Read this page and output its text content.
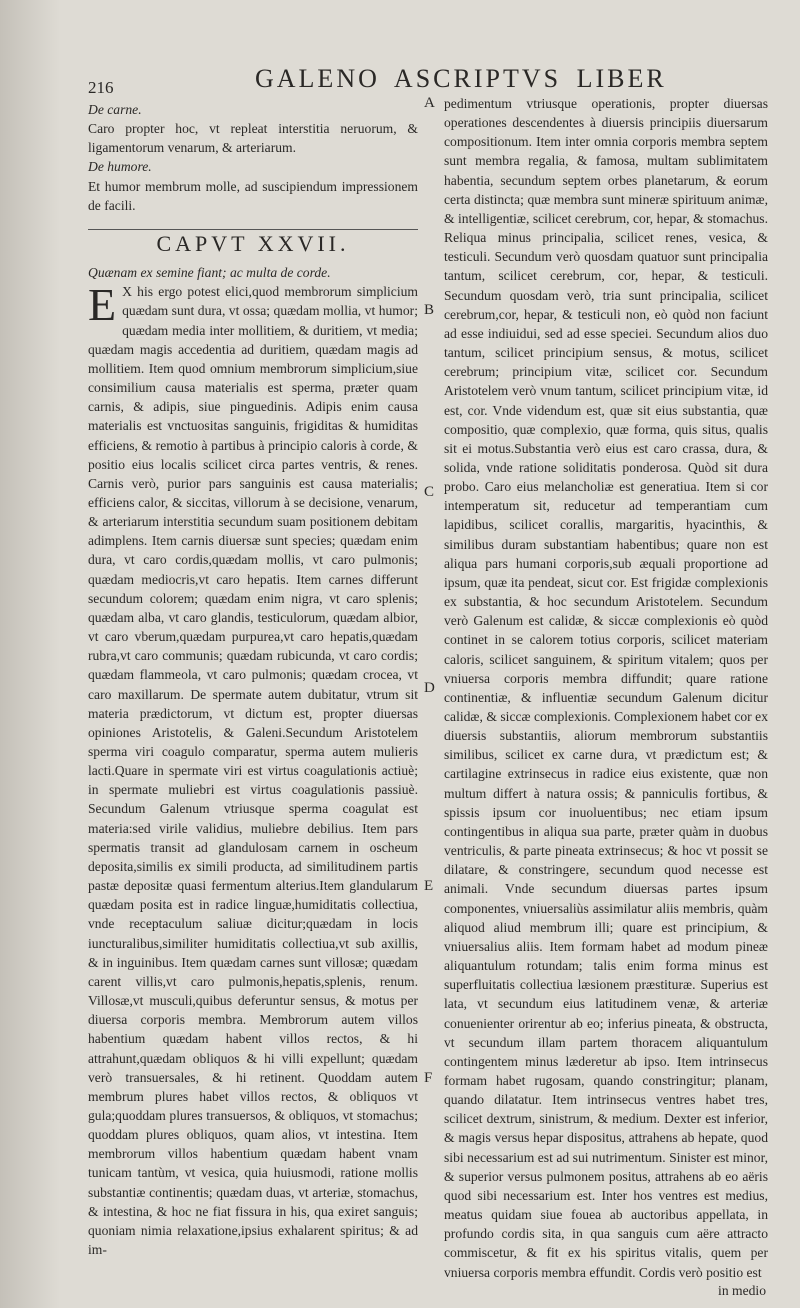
216	GALENO ASCRIPTVS LIBER

De carne.

Caro propter hoc, vt repleat interstitia neruorum, & ligamentorum venarum, & arteriarum.

De humore.

Et humor membrum molle, ad suscipiendum impressionem de facili.

CAPVT XXVII.

Quænam ex semine fiant; ac multa de corde.

E X his ergo potest elici,quod membrorum simplicium quædam sunt dura, vt ossa; quædam mollia, vt humor; quædam media inter mollitiem, & duritiem, vt media; quædam magis accedentia ad duritiem, quædam magis ad mollitiem. Item quod omnium membrorum simplicium,siue consimilium causa materialis est sperma, præter quam carnis, & adipis, siue pinguedinis. Adipis enim causa materialis est vnctuositas sanguinis, frigiditas & humiditas efficiens, & remotio à partibus à principio caloris à corde, & positio eius localis scilicet circa partes ventris, & renes. Carnis verò, purior pars sanguinis est causa materialis; efficiens calor, & siccitas, villorum à se decisione, venarum, & arteriarum interstitia secundum suam positionem debitam adimplens. Item carnis diuersæ sunt species; quædam enim dura, vt caro cordis,quædam mollis, vt caro pulmonis; quædam mediocris,vt caro hepatis. Item carnes differunt secundum colorem; quædam enim nigra, vt caro splenis; quædam alba, vt caro glandis, testiculorum, quædam albior, vt caro vberum,quædam purpurea,vt caro hepatis,quædam rubra,vt caro communis; quædam rubicunda, vt caro cordis; quædam flammeola, vt caro pulmonis; quædam crocea, vt caro maxillarum. De spermate autem dubitatur, vtrum sit materia prædictorum, vt dictum est, propter diuersas opiniones Aristotelis, & Galeni.Secundum Aristotelem sperma viri coagulo comparatur, sperma autem mulieris lacti.Quare in spermate viri est virtus coagulationis actiuè; in spermate muliebri est virtus coagulationis passiuè. Secundum Galenum vtriusque sperma coagulat est materia:sed virile validius, muliebre debilius. Item pars spermatis transit ad glandulosam carnem in oscheum deposita,similis ex simili producta, ad similitudinem partis pastæ depositæ quasi fermentum alterius.Item glandularum quædam posita est in radice linguæ,humiditatis collectiua, vnde receptaculum saliuæ dicitur;quædam in locis iuncturalibus,similiter humiditatis collectiua,vt sub axillis, & in inguinibus. Item quædam carnes sunt villosæ; quædam carent villis,vt caro pulmonis,hepatis,splenis, renum. Villosæ,vt musculi,quibus deferuntur sensus, & motus per diuersa corporis membra. Membrorum autem villos habentium quædam habent villos rectos, & hi attrahunt,quædam obliquos & hi villi expellunt; quædam verò transuersales, & hi retinent. Quoddam autem membrum plures habet villos rectos, & obliquos vt gula;quoddam plures transuersos, & obliquos, vt stomachus; quoddam plures obliquos, quam alios, vt intestina. Item membrorum villos habentium quædam habent vnam tunicam tantùm, vt vesica, quia huiusmodi, ratione mollis substantiæ continentis; quædam duas, vt arteriæ, stomachus, & intestina, & hoc ne fiat fissura in his, qua exiret sanguis; quoniam nimia relaxatione,ipsius exhalarent spiritus; & ad im-

pedimentum vtriusque operationis, propter diuersas operationes descendentes à diuersis principiis diuersarum compositionum. Item inter omnia corporis membra septem sunt membra regalia, & famosa, multam sublimitatem habentia, secundum septem orbes planetarum, & eorum certa distincta; quæ membra sunt mineræ spirituum animæ, & intelligentiæ, scilicet cerebrum, cor, hepar, & stomachus. Reliqua minus principalia, scilicet renes, vesica, & testiculi. Secundum verò quosdam quatuor sunt principalia tantum, scilicet cerebrum, cor, hepar, & testiculi. Secundum quosdam verò, tria sunt principalia, scilicet cerebrum,cor, hepar, & testiculi non, eò quòd non faciunt ad esse indiuidui, sed ad esse speciei. Secundum alios duo tantum, scilicet principium sensus, & motus, scilicet cerebrum; principium vitæ, scilicet cor. Secundum Aristotelem verò vnum tantum, scilicet principium vitæ, id est, cor. Vnde videndum est, quæ sit eius substantia, quæ compositio, quæ complexio, quæ forma, quis situs, qualis sit ei motus.Substantia verò eius est caro crassa, dura, & solida, vnde ratione soliditatis ponderosa. Quòd sit dura probo. Caro eius melancholiæ est generatiua. Item si cor intemperatum sit, reducetur ad temperantiam cum lapidibus, scilicet corallis, margaritis, hyacinthis, & similibus duram substantiam habentibus; quare non est aliqua pars humani corporis,sub æquali proportione ad ipsum, quæ ita pendeat, sicut cor. Est frigidæ complexionis ex substantia, & hoc secundum Aristotelem. Secundum verò Galenum est calidæ, & siccæ complexionis eò quòd continet in se calorem totius corporis, scilicet materiam caloris, scilicet sanguinem, & spiritum vitalem; quos per vniuersa corporis membra diffundit; quare ratione continentiæ, & influentiæ secundum Galenum dicitur calidæ, & siccæ complexionis. Complexionem habet cor ex diuersis substantiis, aliorum membrorum substantiis similibus, scilicet ex carne dura, vt prædictum est; & cartilagine extrinsecus in radice eius existente, quæ non multum differt à natura ossis; & panniculis fortibus, & spissis ipsum cor inuoluentibus; nec etiam ipsum contingentibus in aliqua sua parte, præter quàm in duobus ventriculis, & parte pineata extrinsecus; & hoc vt possit se dilatare, & constringere, secundum quod necesse est animali. Vnde secundum diuersas partes ipsum componentes, vniuersaliùs assimilatur aliis membris, quàm aliquod aliud membrum illi; quare est principium, & vniuersalius aliis. Item formam habet ad modum pineæ aliquantulum rotundam; talis enim forma minus est superfluitatis collectiua læsionem præstituræ. Superius est lata, vt secundum eius latitudinem venæ, & arteriæ conuenienter orirentur ab eo; inferius pineata, & obstructa, vt secundum illam partem thoracem aliquantulum contingentem minus læderetur ab ipso. Item intrinsecus formam habet rugosam, quando constringitur; planam, quando dilatatur. Item intrinsecus ventres habet tres, scilicet dextrum, sinistrum, & medium. Dexter est inferior, & magis versus hepar dispositus, attrahens ab hepate, quod sibi necessarium est ad sui nutrimentum. Sinister est minor, & superior versus pulmonem positus, attrahens ab eo aëris quod sibi necessarium est. Inter hos ventres est medius, meatus quidam siue fouea ab auctoribus appellata, in profundo cordis sita, in qua sanguis cum aëre attracto commiscetur, & fit ex his spiritus vitalis, quem per vniuersa corporis membra effundit. Cordis verò positio est

A
B
C
D
E
F
in medio
